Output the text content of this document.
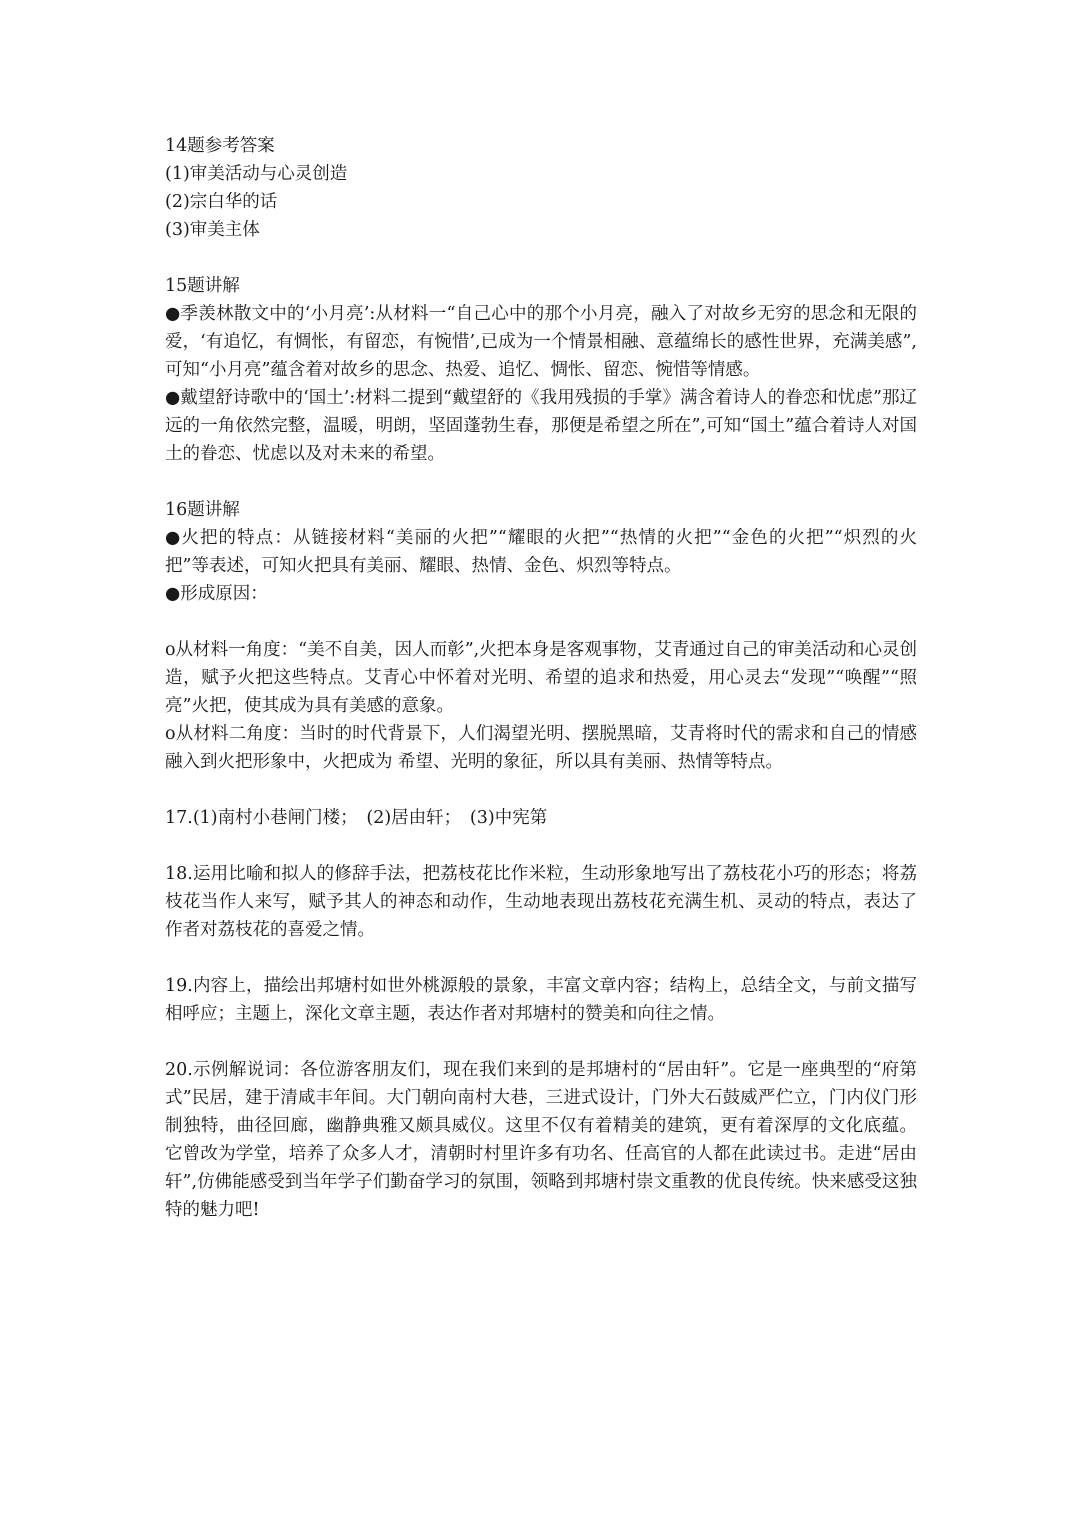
14题参考答案
(1)审美活动与心灵创造
(2)宗白华的话
(3)审美主体
15题讲解
●季羡林散文中的‘小月亮’:从材料一“自己心中的那个小月亮，融入了对故乡无穷的思念和无限的爱，‘有追忆，有惆怅，有留恋，有惋惜’,已成为一个情景相融、意蕴绵长的感性世界，充满美感”,可知“小月亮”蕴含着对故乡的思念、热爱、追忆、惆怅、留恋、惋惜等情感。
●戴望舒诗歌中的‘国土’:材料二提到“戴望舒的《我用残损的手掌》满含着诗人的眷恋和忧虑”那辽远的一角依然完整，温暖，明朗，坚固蓬勃生春，那便是希望之所在”,可知“国土”蕴合着诗人对国土的眷恋、忧虑以及对未来的希望。
16题讲解
●火把的特点：从链接材料“美丽的火把”“耀眼的火把”“热情的火把”“金色的火把”“炽烈的火把”等表述，可知火把具有美丽、耀眼、热情、金色、炽烈等特点。
●形成原因：
o从材料一角度：“美不自美，因人而彰”,火把本身是客观事物，艾青通过自己的审美活动和心灵创造，赋予火把这些特点。艾青心中怀着对光明、希望的追求和热爱，用心灵去“发现”“唤醒”“照亮”火把，使其成为具有美感的意象。
o从材料二角度：当时的时代背景下，人们渴望光明、摆脱黑暗，艾青将时代的需求和自己的情感融入到火把形象中，火把成为 希望、光明的象征，所以具有美丽、热情等特点。
17.(1)南村小巷闸门楼；　(2)居由轩；　(3)中宪第
18.运用比喻和拟人的修辞手法，把荔枝花比作米粒，生动形象地写出了荔枝花小巧的形态；将荔枝花当作人来写，赋予其人的神态和动作，生动地表现出荔枝花充满生机、灵动的特点，表达了作者对荔枝花的喜爱之情。
19.内容上，描绘出邦塘村如世外桃源般的景象，丰富文章内容；结构上，总结全文，与前文描写相呼应；主题上，深化文章主题，表达作者对邦塘村的赞美和向往之情。
20.示例解说词：各位游客朋友们，现在我们来到的是邦塘村的“居由轩”。它是一座典型的“府第式”民居，建于清咸丰年间。大门朝向南村大巷，三进式设计，门外大石鼓威严伫立，门内仪门形制独特，曲径回廊，幽静典雅又颇具威仪。这里不仅有着精美的建筑，更有着深厚的文化底蕴。它曾改为学堂，培养了众多人才，清朝时村里许多有功名、任高官的人都在此读过书。走进“居由轩”,仿佛能感受到当年学子们勤奋学习的氛围，领略到邦塘村崇文重教的优良传统。快来感受这独特的魅力吧!
